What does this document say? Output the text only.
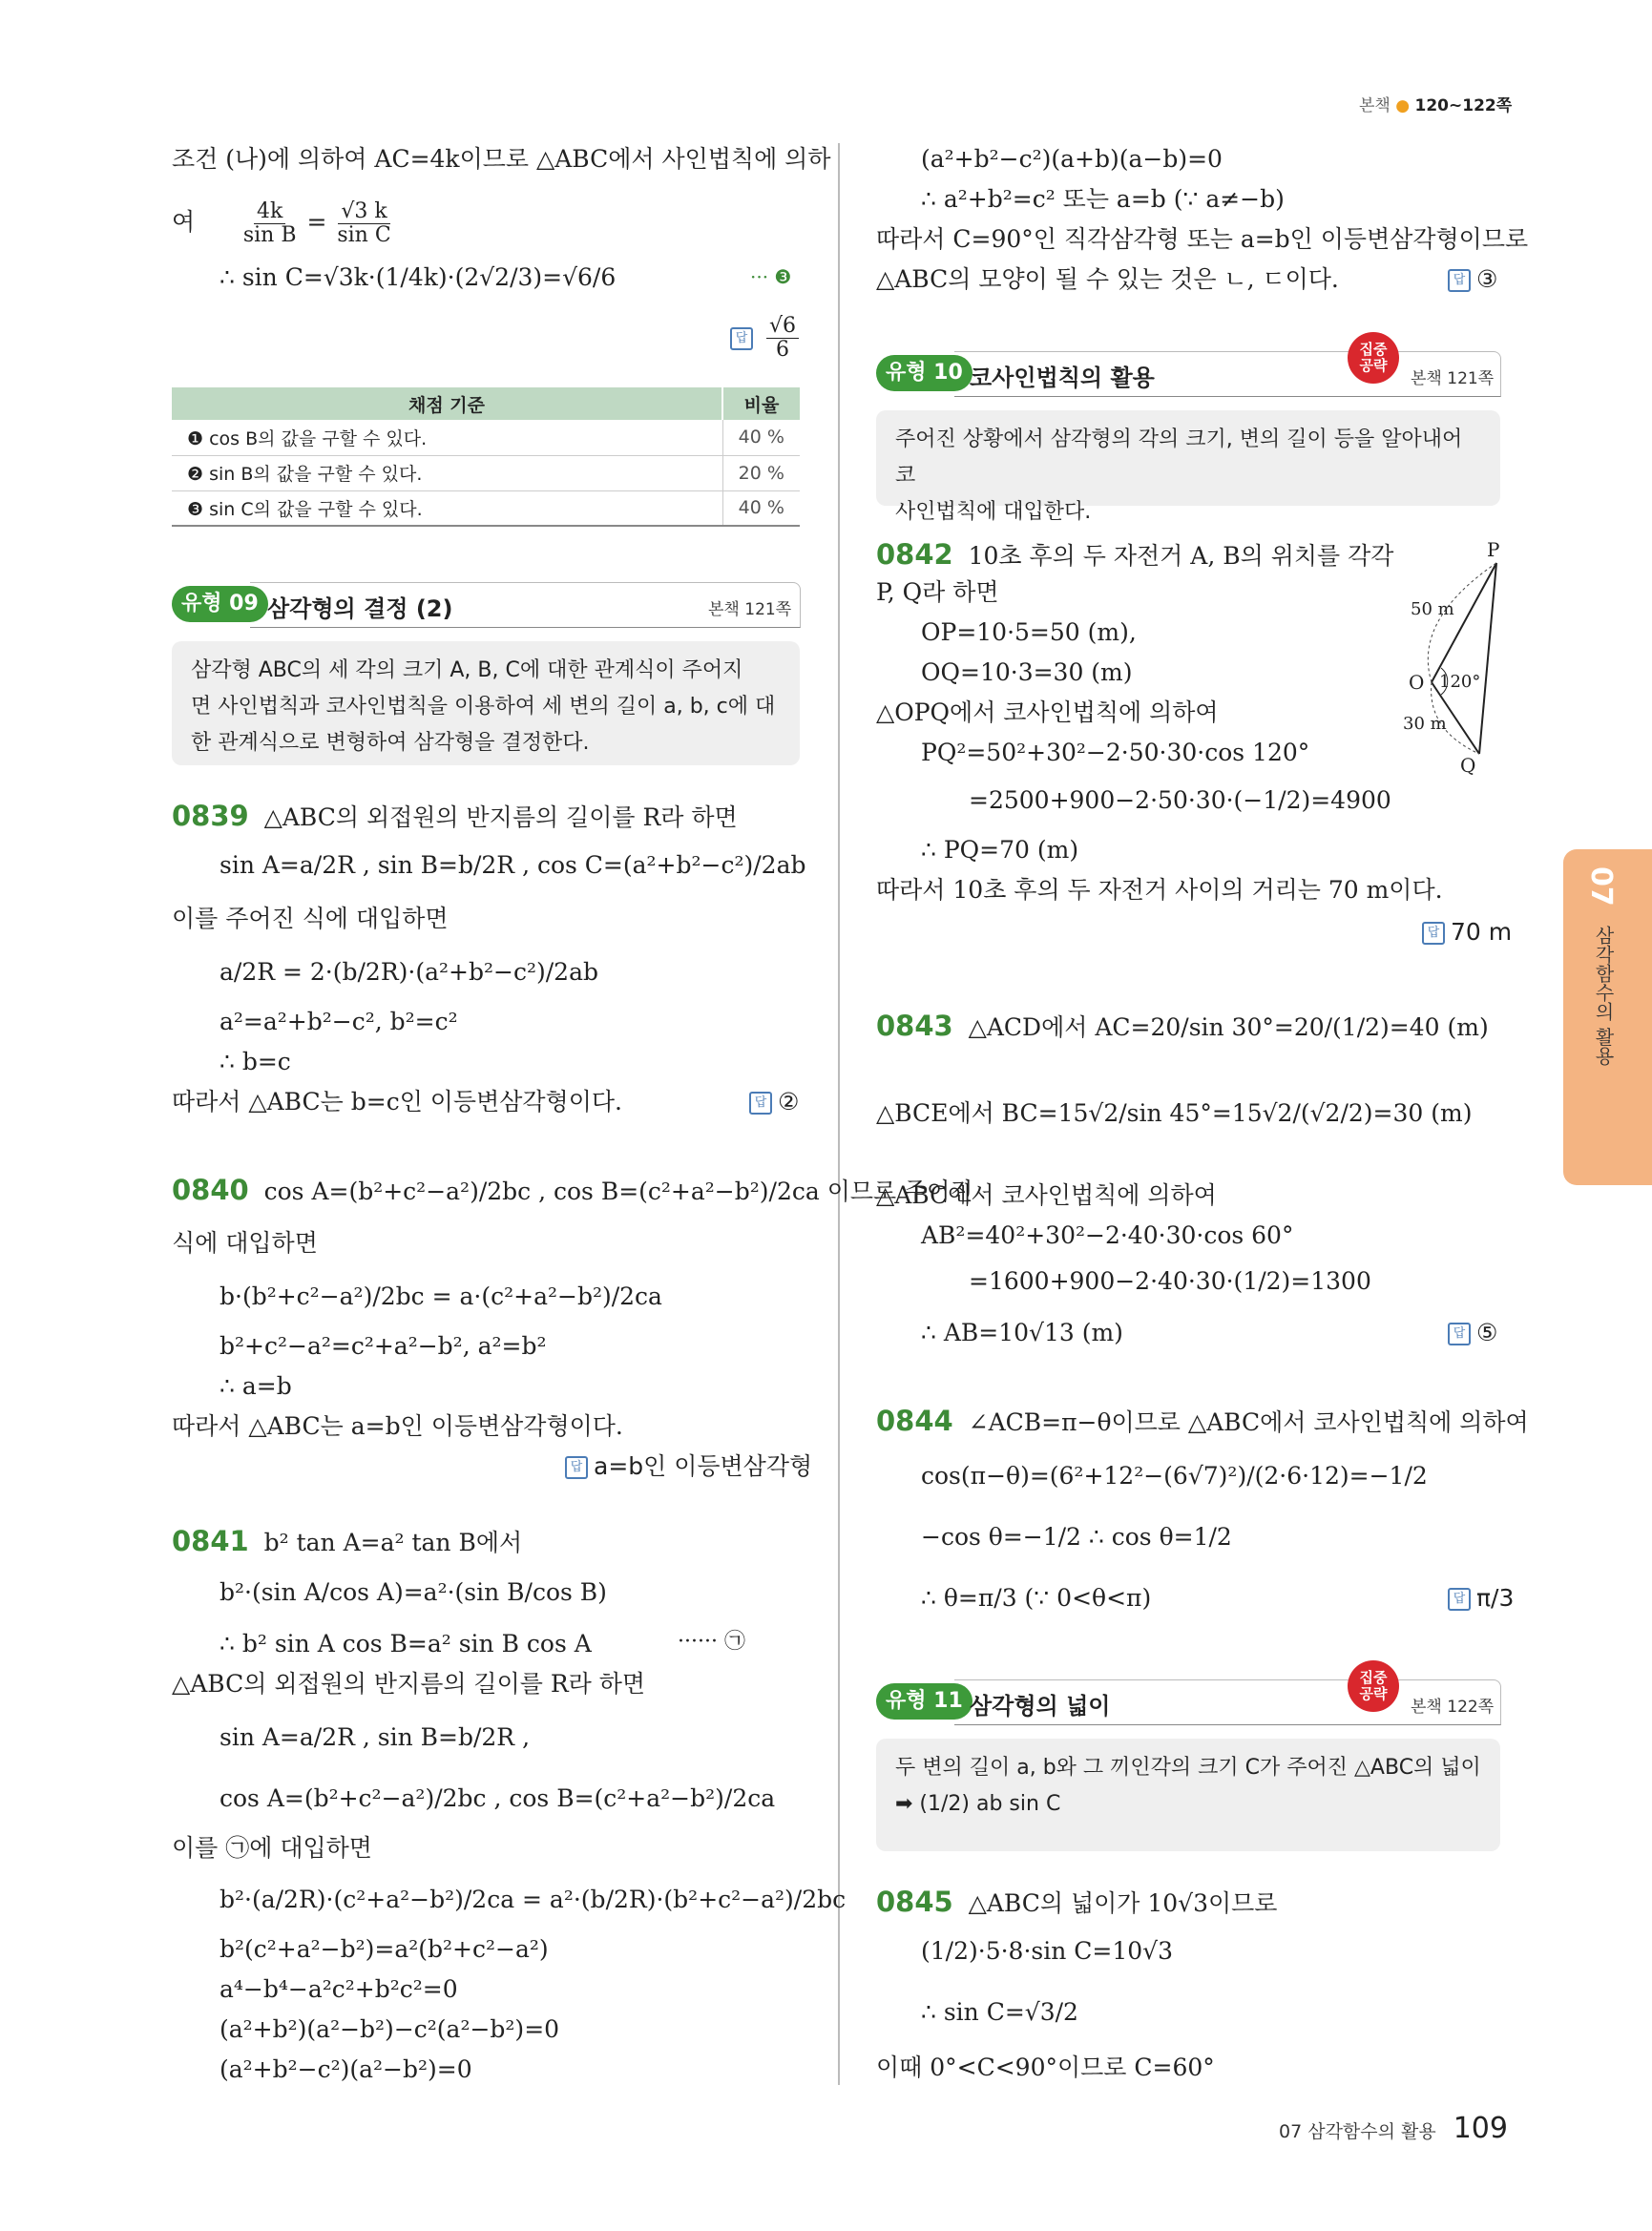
본책 ● 120~122쪽
조건 (나)에 의하여 AC=4k이므로 △ABC에서 사인법칙에 의하
여 $\frac{4k}{\text{sin B}} = \frac{√3 k}{\text{sin C}}$
∴ sin C=√3k·(1/4k)·(2√2/3)=√6/6	··· ❸
답 $\frac{√6}{6}$
채점 기준	비율
❶ cos B의 값을 구할 수 있다.	40 %
❷ sin B의 값을 구할 수 있다.	20 %
❸ sin C의 값을 구할 수 있다.	40 %
유형 09 삼각형의 결정 (2)	본책 121쪽
삼각형 ABC의 세 각의 크기 A, B, C에 대한 관계식이 주어지
면 사인법칙과 코사인법칙을 이용하여 세 변의 길이 a, b, c에 대
한 관계식으로 변형하여 삼각형을 결정한다.
0839 △ABC의 외접원의 반지름의 길이를 R라 하면
sin A=a/2R , sin B=b/2R , cos C=(a²+b²−c²)/2ab
이를 주어진 식에 대입하면
a/2R = 2·(b/2R)·(a²+b²−c²)/2ab
a²=a²+b²−c², b²=c²
∴ b=c
따라서 △ABC는 b=c인 이등변삼각형이다.	답 ②
0840 cos A=(b²+c²−a²)/2bc , cos B=(c²+a²−b²)/2ca 이므로 주어진
식에 대입하면
b·(b²+c²−a²)/2bc = a·(c²+a²−b²)/2ca
b²+c²−a²=c²+a²−b², a²=b²
∴ a=b
따라서 △ABC는 a=b인 이등변삼각형이다.
답 a=b인 이등변삼각형
0841 b² tan A=a² tan B에서
b²·(sin A/cos A)=a²·(sin B/cos B)
∴ b² sin A cos B=a² sin B cos A	······ ㉠
△ABC의 외접원의 반지름의 길이를 R라 하면
sin A=a/2R , sin B=b/2R ,
cos A=(b²+c²−a²)/2bc , cos B=(c²+a²−b²)/2ca
이를 ㉠에 대입하면
b²·(a/2R)·(c²+a²−b²)/2ca = a²·(b/2R)·(b²+c²−a²)/2bc
b²(c²+a²−b²)=a²(b²+c²−a²)
a⁴−b⁴−a²c²+b²c²=0
(a²+b²)(a²−b²)−c²(a²−b²)=0
(a²+b²−c²)(a²−b²)=0
(a²+b²−c²)(a+b)(a−b)=0
∴ a²+b²=c² 또는 a=b (∵ a≠−b)
따라서 C=90°인 직각삼각형 또는 a=b인 이등변삼각형이므로
△ABC의 모양이 될 수 있는 것은 ㄴ, ㄷ이다.	답 ③
유형 10 코사인법칙의 활용
집중
공략
본책 121쪽
주어진 상황에서 삼각형의 각의 크기, 변의 길이 등을 알아내어 코
사인법칙에 대입한다.
0842 10초 후의 두 자전거 A, B의 위치를 각각
P, Q라 하면
OP=10·5=50 (m),
OQ=10·3=30 (m)
△OPQ에서 코사인법칙에 의하여
PQ²=50²+30²−2·50·30·cos 120°
=2500+900−2·50·30·(−1/2)=4900
∴ PQ=70 (m)
따라서 10초 후의 두 자전거 사이의 거리는 70 m이다.
답 70 m
P
Q
O
50 m
30 m
120°
0843 △ACD에서 AC=20/sin 30°=20/(1/2)=40 (m)
△BCE에서 BC=15√2/sin 45°=15√2/(√2/2)=30 (m)
△ABC에서 코사인법칙에 의하여
AB²=40²+30²−2·40·30·cos 60°
=1600+900−2·40·30·(1/2)=1300
∴ AB=10√13 (m)	답 ⑤
0844 ∠ACB=π−θ이므로 △ABC에서 코사인법칙에 의하여
cos(π−θ)=(6²+12²−(6√7)²)/(2·6·12)=−1/2
−cos θ=−1/2 ∴ cos θ=1/2
∴ θ=π/3 (∵ 0<θ<π)	답 π/3
유형 11 삼각형의 넓이
집중
공략
본책 122쪽
두 변의 길이 a, b와 그 끼인각의 크기 C가 주어진 △ABC의 넓이
➡ (1/2) ab sin C
0845 △ABC의 넓이가 10√3이므로
(1/2)·5·8·sin C=10√3
∴ sin C=√3/2
이때 0°<C<90°이므로 C=60°
07
삼각함수의 활용
07 삼각함수의 활용 109
